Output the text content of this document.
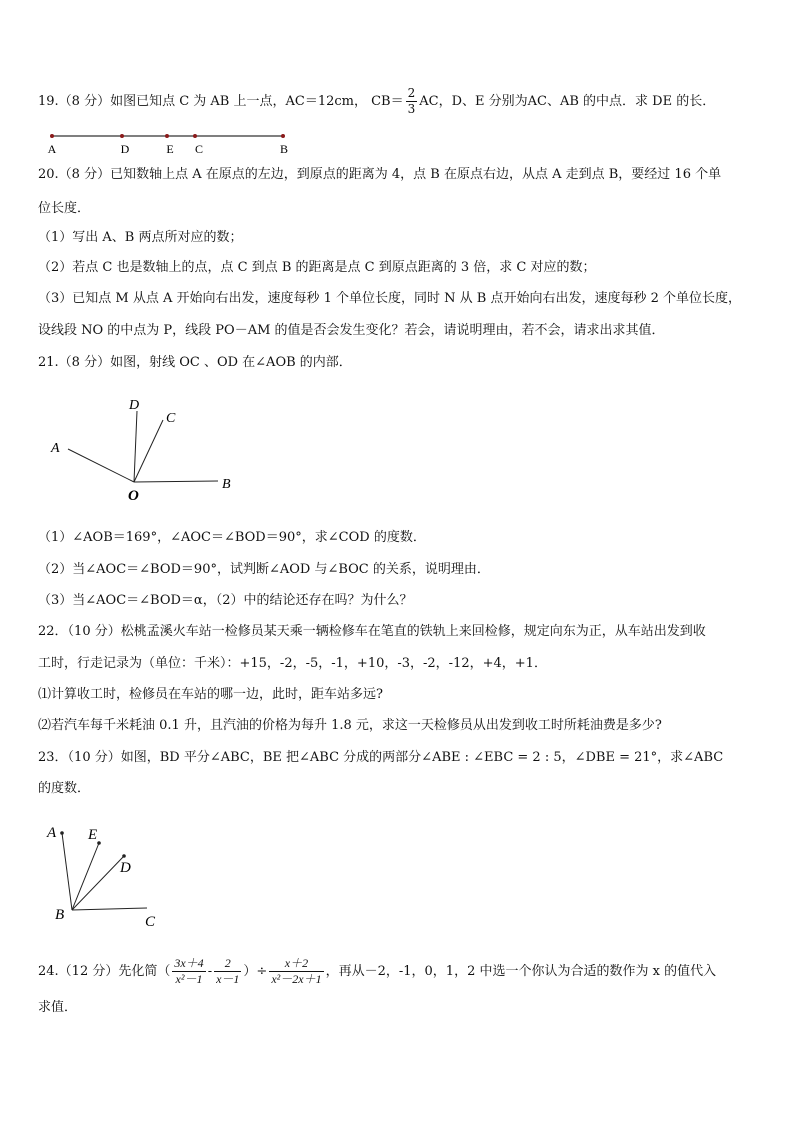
19.（8 分）如图已知点 C 为 AB 上一点，AC＝12cm， $CB= \frac{2}{3}$ AC，D、E 分别为AC、AB 的中点．求 DE 的长．
A	D	E C	B
20.（8 分）已知数轴上点 A 在原点的左边，到原点的距离为 4，点 B 在原点右边，从点 A 走到点 B，要经过 16 个单
位长度．
（1）写出 A、B 两点所对应的数；
（2）若点 C 也是数轴上的点，点 C 到点 B 的距离是点 C 到原点距离的 3 倍，求 C 对应的数；
（3）已知点 M 从点 A 开始向右出发，速度每秒 1 个单位长度，同时 N 从 B 点开始向右出发，速度每秒 2 个单位长度，
设线段 NO 的中点为 P，线段 PO－AM 的值是否会发生变化？若会，请说明理由，若不会，请求出求其值．
21.（8 分）如图，射线 OC 、OD 在∠AOB 的内部．
D
C
A
O
B
（1）∠AOB＝169°，∠AOC＝∠BOD＝90°，求∠COD 的度数．
（2）当∠AOC＝∠BOD＝90°，试判断∠AOD 与∠BOC 的关系，说明理由．
（3）当∠AOC＝∠BOD＝α，（2）中的结论还存在吗？为什么？
22．（10 分）松桃孟溪火车站一检修员某天乘一辆检修车在笔直的铁轨上来回检修，规定向东为正，从车站出发到收
工时，行走记录为（单位：千米）：+15，-2，-5，-1，+10，-3，-2，-12，+4，+1．
⑴计算收工时，检修员在车站的哪一边，此时，距车站多远?
⑵若汽车每千米耗油 0.1 升，且汽油的价格为每升 1.8 元，求这一天检修员从出发到收工时所耗油费是多少?
23．（10 分）如图，BD 平分∠ABC，BE 把∠ABC 分成的两部分∠ABE : ∠EBC = 2 : 5，∠DBE = 21°，求∠ABC
的度数．
A E
D
B	C
24.（12 分）先化简（ $\frac{3x+4}{\text{x²－1}} - \frac{2}{x-1}$ ）÷ $\frac{x+2}{\text{x²－2x＋1}}$ ，再从－2，-1，0，1，2 中选一个你认为合适的数作为 x 的值代入
求值．
